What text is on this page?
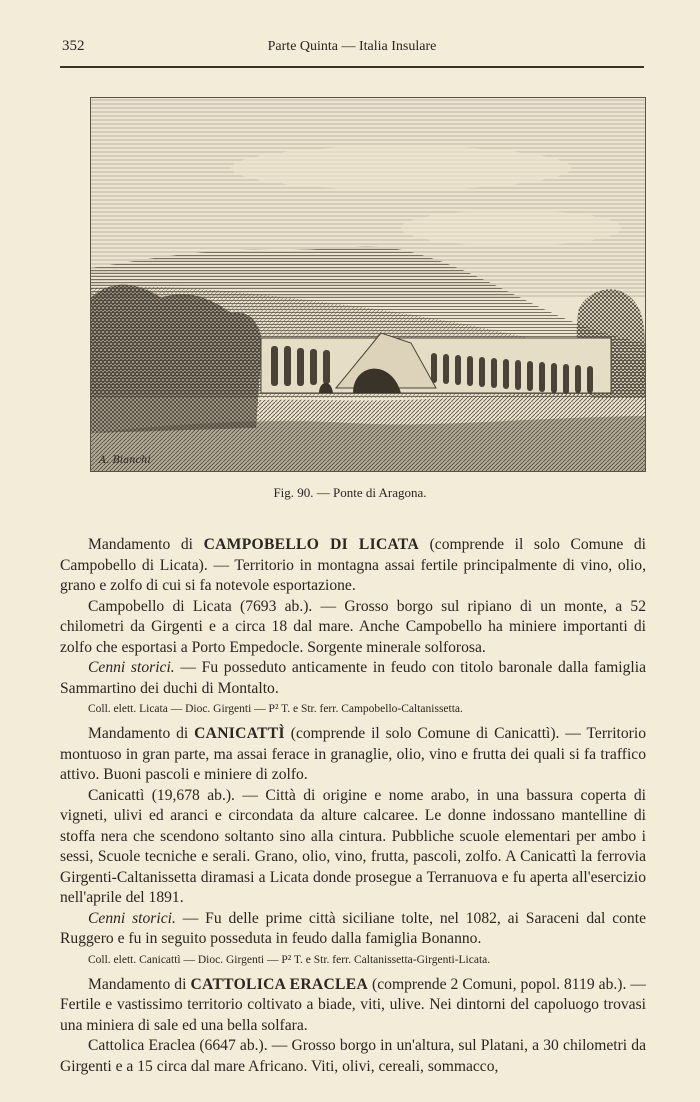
352	Parte Quinta — Italia Insulare
A. Bianchi
Fig. 90. — Ponte di Aragona.

Mandamento di CAMPOBELLO DI LICATA (comprende il solo Comune di Campobello di Licata). — Territorio in montagna assai fertile principalmente di vino, olio, grano e zolfo di cui si fa notevole esportazione.

Campobello di Licata (7693 ab.). — Grosso borgo sul ripiano di un monte, a 52 chilometri da Girgenti e a circa 18 dal mare. Anche Campobello ha miniere importanti di zolfo che esportasi a Porto Empedocle. Sorgente minerale solforosa.

Cenni storici. — Fu posseduto anticamente in feudo con titolo baronale dalla famiglia Sammartino dei duchi di Montalto.

Coll. elett. Licata — Dioc. Girgenti — P² T. e Str. ferr. Campobello-Caltanissetta.

Mandamento di CANICATTÌ (comprende il solo Comune di Canicattì). — Territorio montuoso in gran parte, ma assai ferace in granaglie, olio, vino e frutta dei quali si fa traffico attivo. Buoni pascoli e miniere di zolfo.

Canicattì (19,678 ab.). — Città di origine e nome arabo, in una bassura coperta di vigneti, ulivi ed aranci e circondata da alture calcaree. Le donne indossano mantelline di stoffa nera che scendono soltanto sino alla cintura. Pubbliche scuole elementari per ambo i sessi, Scuole tecniche e serali. Grano, olio, vino, frutta, pascoli, zolfo. A Canicattì la ferrovia Girgenti-Caltanissetta diramasi a Licata donde prosegue a Terranuova e fu aperta all'esercizio nell'aprile del 1891.

Cenni storici. — Fu delle prime città siciliane tolte, nel 1082, ai Saraceni dal conte Ruggero e fu in seguito posseduta in feudo dalla famiglia Bonanno.

Coll. elett. Canicattì — Dioc. Girgenti — P² T. e Str. ferr. Caltanissetta-Girgenti-Licata.

Mandamento di CATTOLICA ERACLEA (comprende 2 Comuni, popol. 8119 ab.). — Fertile e vastissimo territorio coltivato a biade, viti, ulive. Nei dintorni del capoluogo trovasi una miniera di sale ed una bella solfara.

Cattolica Eraclea (6647 ab.). — Grosso borgo in un'altura, sul Platani, a 30 chilometri da Girgenti e a 15 circa dal mare Africano. Viti, olivi, cereali, sommacco,
